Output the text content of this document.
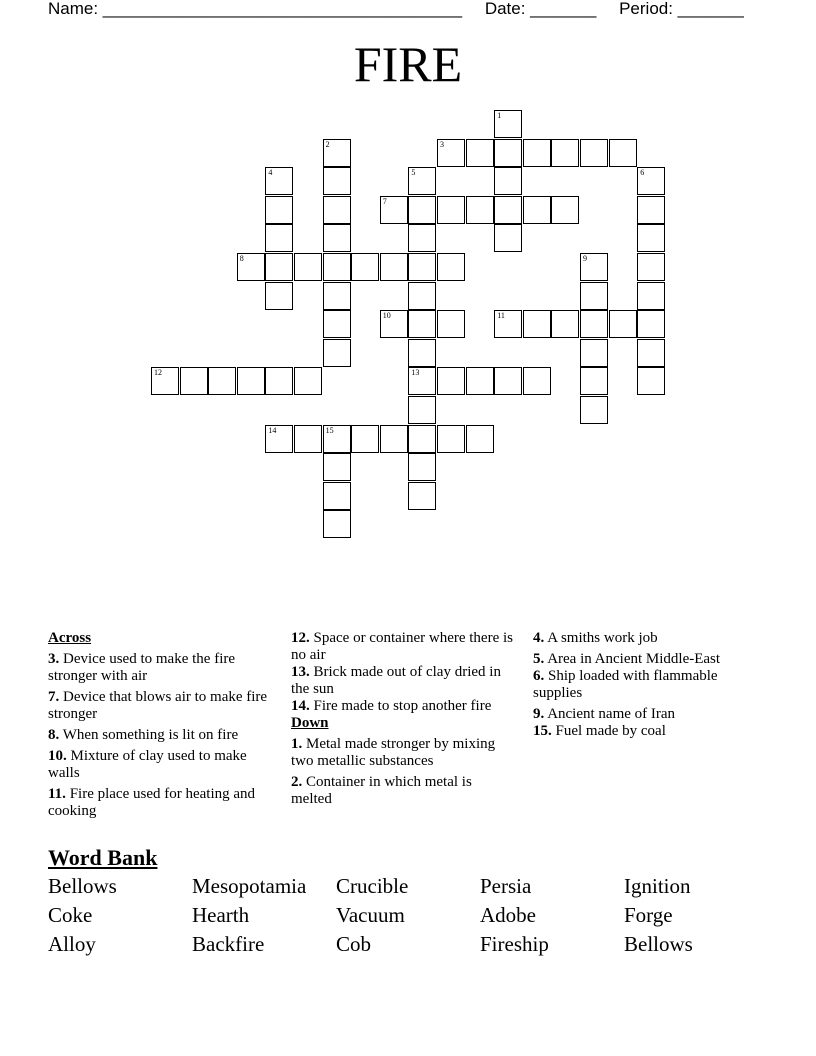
Name: ______________________________________ Date: _______ Period: _______
FIRE
1
2	3
4	5
13
6
7
8	9
10	11
12
14	15
Across
3. Device used to make the fire stronger with air
7. Device that blows air to make fire stronger
8. When something is lit on fire
10. Mixture of clay used to make walls
11. Fire place used for heating and cooking
12. Space or container where there is no air
13. Brick made out of clay dried in the sun
14. Fire made to stop another fire
Down
1. Metal made stronger by mixing two metallic substances
2. Container in which metal is melted
4. A smiths work job
5. Area in Ancient Middle-East
6. Ship loaded with flammable supplies
9. Ancient name of Iran
15. Fuel made by coal
Word Bank
Bellows	Mesopotamia	Crucible	Persia	Ignition
Coke	Hearth	Vacuum	Adobe	Forge
Alloy	Backfire	Cob	Fireship	Bellows
